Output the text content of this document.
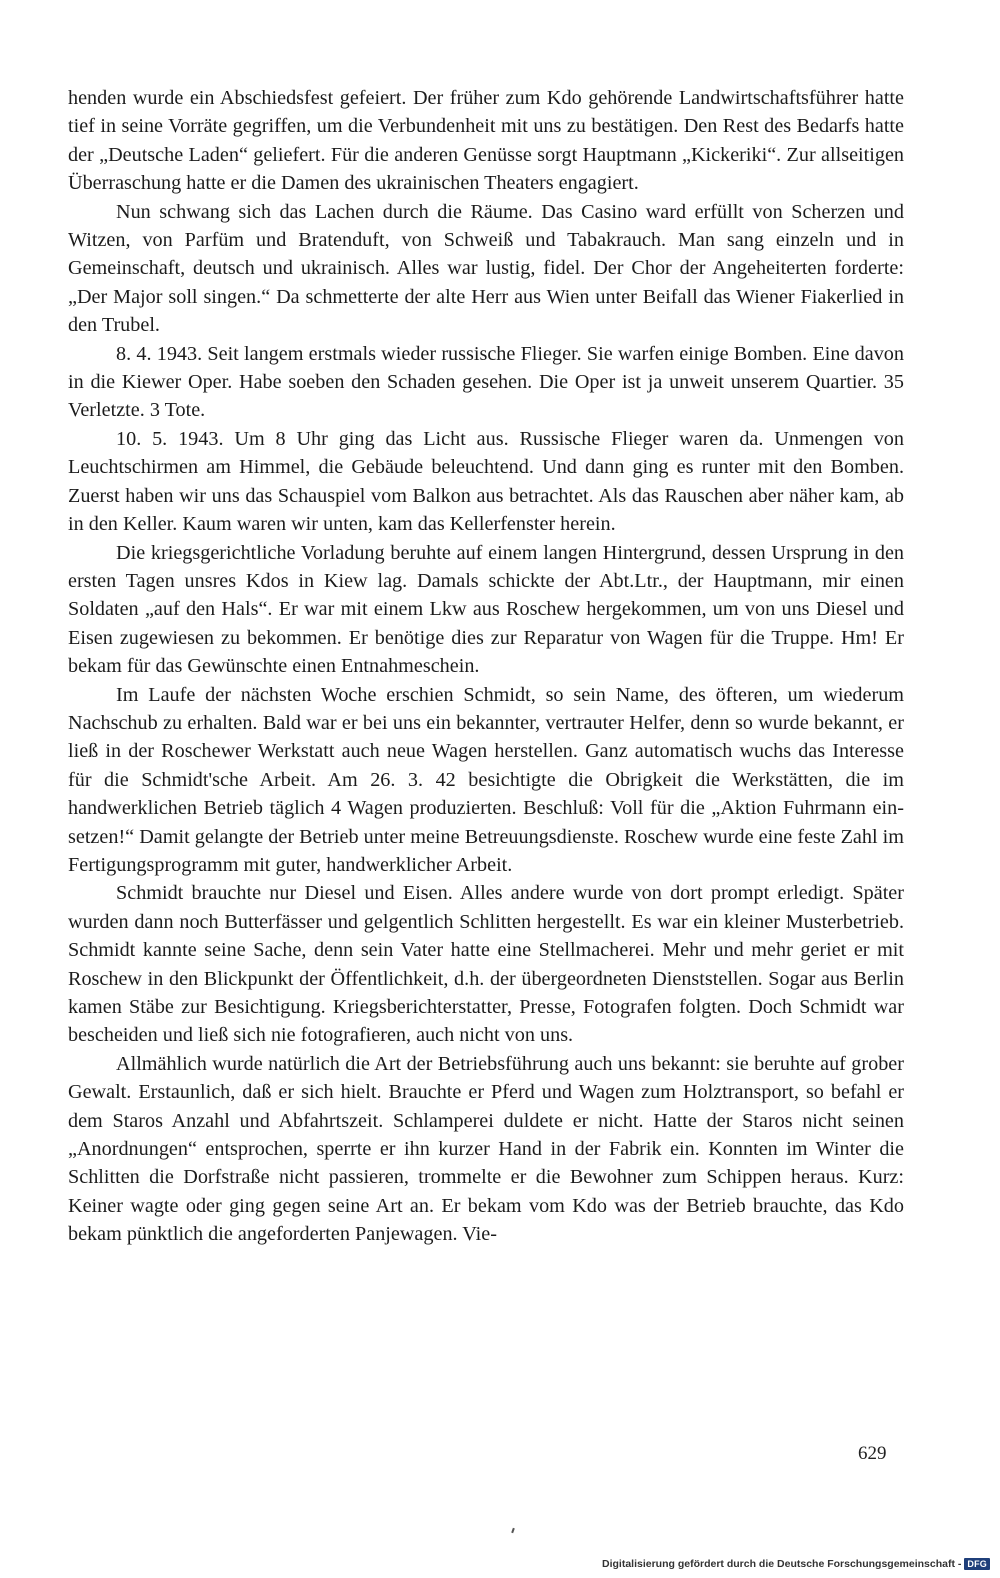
henden wurde ein Abschiedsfest gefeiert. Der früher zum Kdo gehörende Landwirtschaftsführer hatte tief in seine Vorräte gegriffen, um die Verbundenheit mit uns zu bestätigen. Den Rest des Bedarfs hatte der „Deutsche Laden“ geliefert. Für die anderen Genüsse sorgt Hauptmann „Kickeriki“. Zur allseitigen Überraschung hatte er die Damen des ukrainischen Theaters engagiert.

Nun schwang sich das Lachen durch die Räume. Das Casino ward erfüllt von Scherzen und Witzen, von Parfüm und Bratenduft, von Schweiß und Tabakrauch. Man sang einzeln und in Gemeinschaft, deutsch und ukrainisch. Alles war lustig, fidel. Der Chor der Angeheiterten forderte: „Der Major soll singen.“ Da schmetterte der alte Herr aus Wien unter Beifall das Wiener Fiakerlied in den Trubel.

8. 4. 1943. Seit langem erstmals wieder russische Flieger. Sie warfen einige Bomben. Eine davon in die Kiewer Oper. Habe soeben den Schaden gesehen. Die Oper ist ja unweit unserem Quartier. 35 Verletzte. 3 Tote.

10. 5. 1943. Um 8 Uhr ging das Licht aus. Russische Flieger waren da. Unmengen von Leuchtschirmen am Himmel, die Gebäude beleuchtend. Und dann ging es runter mit den Bomben. Zuerst haben wir uns das Schauspiel vom Balkon aus betrachtet. Als das Rauschen aber näher kam, ab in den Keller. Kaum waren wir unten, kam das Kellerfenster herein.

Die kriegsgerichtliche Vorladung beruhte auf einem langen Hintergrund, dessen Ursprung in den ersten Tagen unsres Kdos in Kiew lag. Damals schickte der Abt.Ltr., der Hauptmann, mir einen Soldaten „auf den Hals“. Er war mit einem Lkw aus Roschew hergekommen, um von uns Diesel und Eisen zugewiesen zu bekommen. Er benötige dies zur Reparatur von Wagen für die Truppe. Hm! Er bekam für das Gewünschte einen Entnahmeschein.

Im Laufe der nächsten Woche erschien Schmidt, so sein Name, des öfteren, um wiederum Nachschub zu erhalten. Bald war er bei uns ein bekannter, vertrauter Helfer, denn so wurde bekannt, er ließ in der Roschewer Werkstatt auch neue Wagen herstellen. Ganz automatisch wuchs das Interesse für die Schmidt'sche Arbeit. Am 26. 3. 42 besichtigte die Obrigkeit die Werkstätten, die im handwerklichen Betrieb täglich 4 Wagen produzierten. Beschluß: Voll für die „Aktion Fuhrmann einsetzen!“ Damit gelangte der Betrieb unter meine Betreuungsdienste. Roschew wurde eine feste Zahl im Fertigungsprogramm mit guter, handwerklicher Arbeit.

Schmidt brauchte nur Diesel und Eisen. Alles andere wurde von dort prompt erledigt. Später wurden dann noch Butterfässer und gelgentlich Schlitten hergestellt. Es war ein kleiner Musterbetrieb. Schmidt kannte seine Sache, denn sein Vater hatte eine Stellmacherei. Mehr und mehr geriet er mit Roschew in den Blickpunkt der Öffentlichkeit, d.h. der übergeordneten Dienststellen. Sogar aus Berlin kamen Stäbe zur Besichtigung. Kriegsberichterstatter, Presse, Fotografen folgten. Doch Schmidt war bescheiden und ließ sich nie fotografieren, auch nicht von uns.

Allmählich wurde natürlich die Art der Betriebsführung auch uns bekannt: sie beruhte auf grober Gewalt. Erstaunlich, daß er sich hielt. Brauchte er Pferd und Wagen zum Holztransport, so befahl er dem Staros Anzahl und Abfahrtszeit. Schlamperei duldete er nicht. Hatte der Staros nicht seinen „Anordnungen“ entsprochen, sperrte er ihn kurzer Hand in der Fabrik ein. Konnten im Winter die Schlitten die Dorfstraße nicht passieren, trommelte er die Bewohner zum Schippen heraus. Kurz: Keiner wagte oder ging gegen seine Art an. Er bekam vom Kdo was der Betrieb brauchte, das Kdo bekam pünktlich die angeforderten Panjewagen. Vie-

629
Digitalisierung gefördert durch die Deutsche Forschungsgemeinschaft - DFG
